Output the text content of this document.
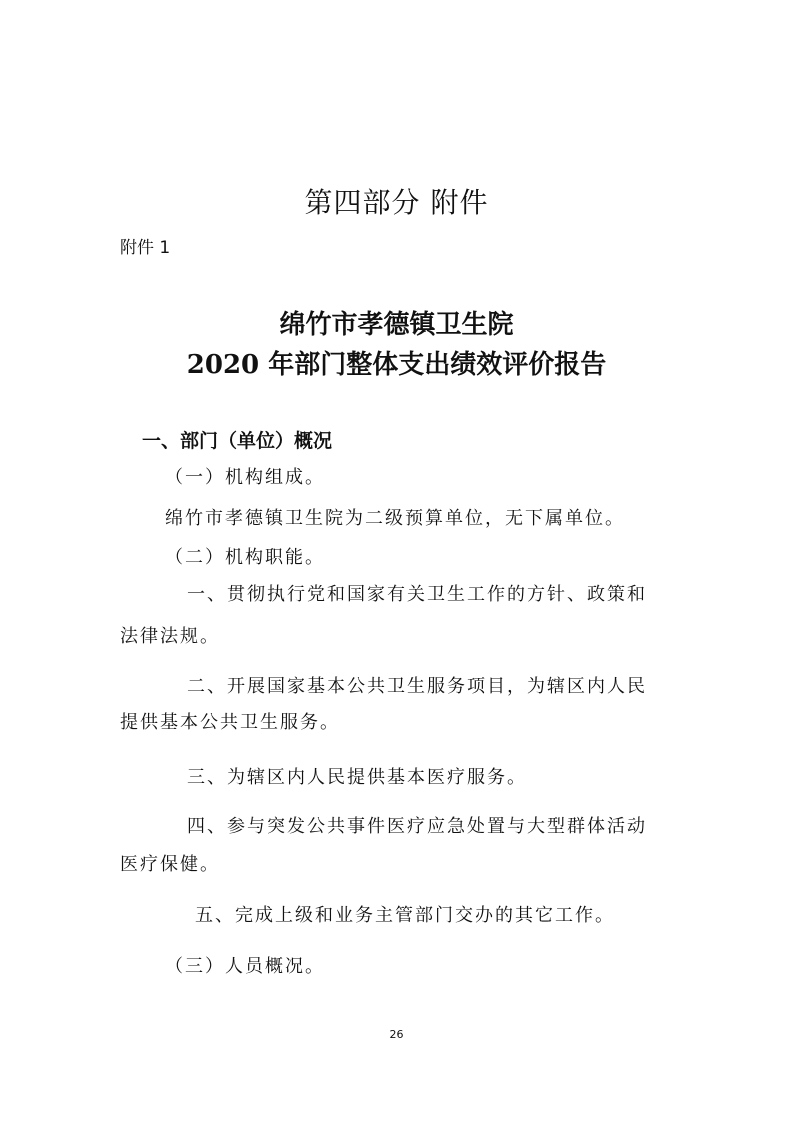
第四部分 附件
附件 1
绵竹市孝德镇卫生院
2020 年部门整体支出绩效评价报告
一、部门（单位）概况
（一）机构组成。
绵竹市孝德镇卫生院为二级预算单位，无下属单位。
（二）机构职能。
一、贯彻执行党和国家有关卫生工作的方针、政策和
法律法规。
二、开展国家基本公共卫生服务项目，为辖区内人民
提供基本公共卫生服务。
三、为辖区内人民提供基本医疗服务。
四、参与突发公共事件医疗应急处置与大型群体活动
医疗保健。
五、完成上级和业务主管部门交办的其它工作。
（三）人员概况。
26
